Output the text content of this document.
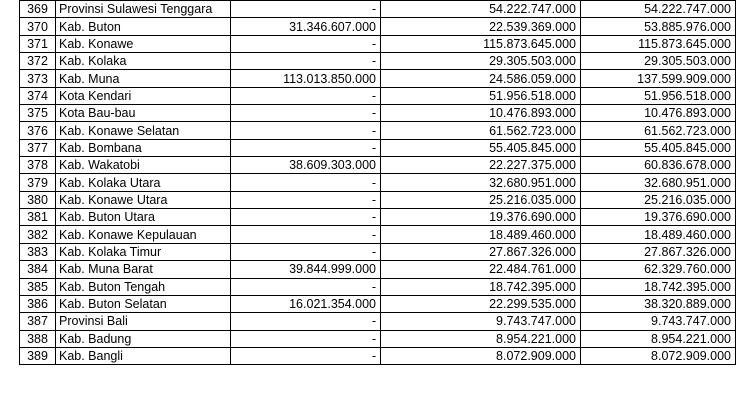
369	Provinsi Sulawesi Tenggara	-	54.222.747.000	54.222.747.000
370	Kab. Buton	31.346.607.000	22.539.369.000	53.885.976.000
371	Kab. Konawe	-	115.873.645.000	115.873.645.000
372	Kab. Kolaka	-	29.305.503.000	29.305.503.000
373	Kab. Muna	113.013.850.000	24.586.059.000	137.599.909.000
374	Kota Kendari	-	51.956.518.000	51.956.518.000
375	Kota Bau-bau	-	10.476.893.000	10.476.893.000
376	Kab. Konawe Selatan	-	61.562.723.000	61.562.723.000
377	Kab. Bombana	-	55.405.845.000	55.405.845.000
378	Kab. Wakatobi	38.609.303.000	22.227.375.000	60.836.678.000
379	Kab. Kolaka Utara	-	32.680.951.000	32.680.951.000
380	Kab. Konawe Utara	-	25.216.035.000	25.216.035.000
381	Kab. Buton Utara	-	19.376.690.000	19.376.690.000
382	Kab. Konawe Kepulauan	-	18.489.460.000	18.489.460.000
383	Kab. Kolaka Timur	-	27.867.326.000	27.867.326.000
384	Kab. Muna Barat	39.844.999.000	22.484.761.000	62.329.760.000
385	Kab. Buton Tengah	-	18.742.395.000	18.742.395.000
386	Kab. Buton Selatan	16.021.354.000	22.299.535.000	38.320.889.000
387	Provinsi Bali	-	9.743.747.000	9.743.747.000
388	Kab. Badung	-	8.954.221.000	8.954.221.000
389	Kab. Bangli	-	8.072.909.000	8.072.909.000
